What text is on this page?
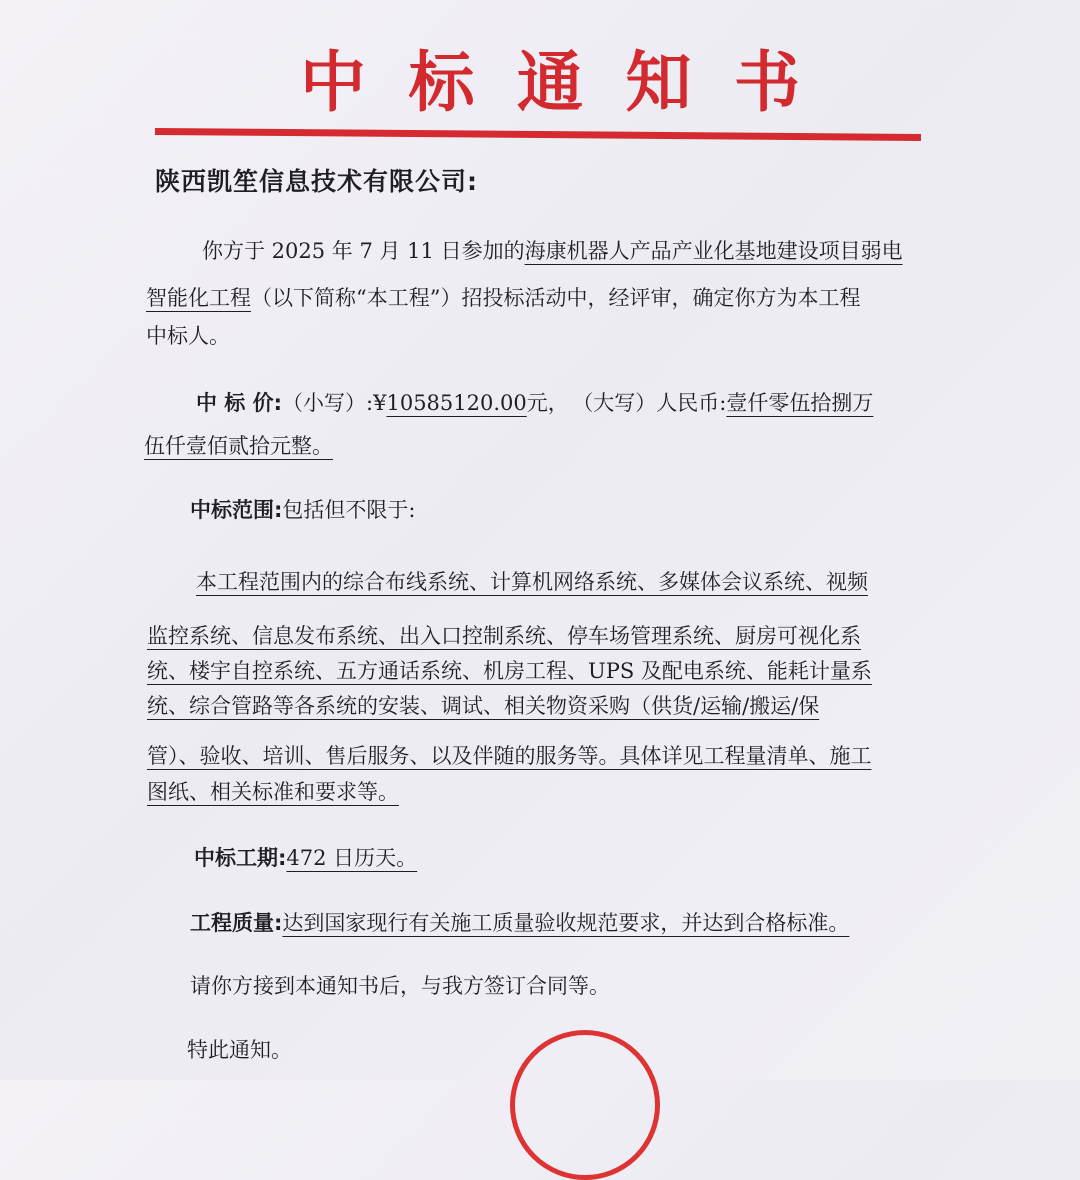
中 标 通 知 书
陕西凯笙信息技术有限公司:
你方于 2025 年 7 月 11 日参加的海康机器人产品产业化基地建设项目弱电
智能化工程（以下简称“本工程”）招投标活动中，经评审，确定你方为本工程
中标人。
中 标 价:（小写）:¥10585120.00元， （大写）人民币:壹仟零伍拾捌万
伍仟壹佰贰拾元整。
中标范围:包括但不限于:
本工程范围内的综合布线系统、计算机网络系统、多媒体会议系统、视频
监控系统、信息发布系统、出入口控制系统、停车场管理系统、厨房可视化系
统、楼宇自控系统、五方通话系统、机房工程、UPS 及配电系统、能耗计量系
统、综合管路等各系统的安装、调试、相关物资采购（供货/运输/搬运/保
管）、验收、培训、售后服务、以及伴随的服务等。具体详见工程量清单、施工
图纸、相关标准和要求等。
中标工期:472 日历天。
工程质量:达到国家现行有关施工质量验收规范要求，并达到合格标准。
请你方接到本通知书后，与我方签订合同等。
特此通知。
